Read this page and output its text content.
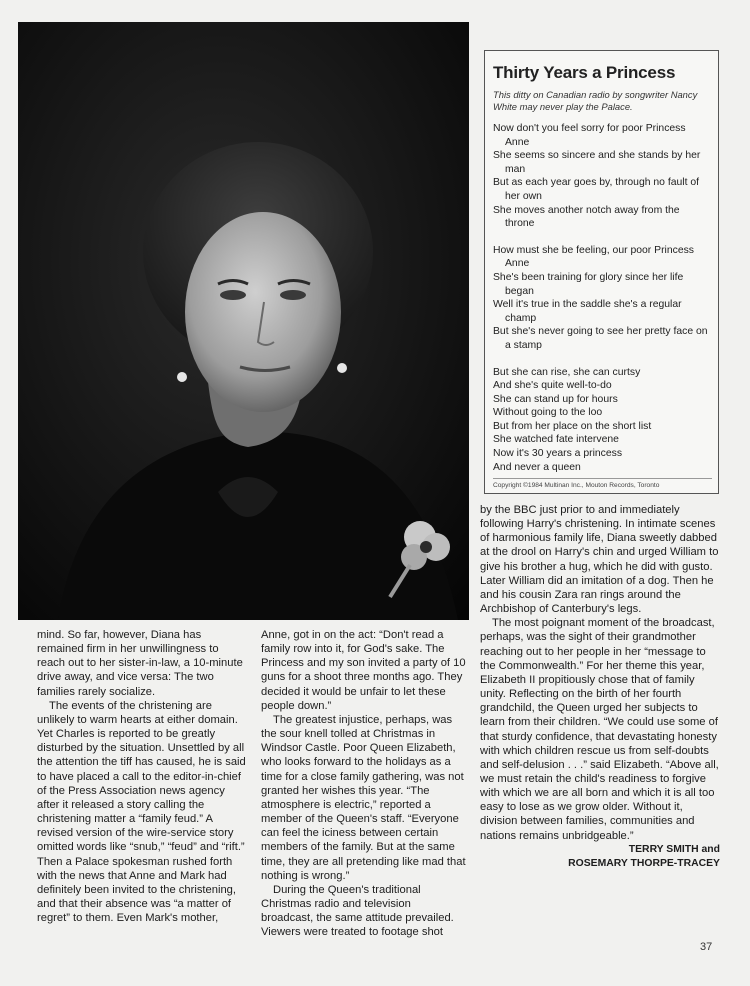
Thirty Years a Princess
This ditty on Canadian radio by songwriter Nancy White may never play the Palace.
Now don't you feel sorry for poor Princess Anne
She seems so sincere and she stands by her man
But as each year goes by, through no fault of her own
She moves another notch away from the throne
How must she be feeling, our poor Princess Anne
She's been training for glory since her life began
Well it's true in the saddle she's a regular champ
But she's never going to see her pretty face on a stamp
But she can rise, she can curtsy
And she's quite well-to-do
She can stand up for hours
Without going to the loo
But from her place on the short list
She watched fate intervene
Now it's 30 years a princess
And never a queen
Copyright ©1984 Multinan Inc., Mouton Records, Toronto

mind. So far, however, Diana has remained firm in her unwillingness to reach out to her sister-in-law, a 10-minute drive away, and vice versa: The two families rarely socialize.

The events of the christening are unlikely to warm hearts at either domain. Yet Charles is reported to be greatly disturbed by the situation. Unsettled by all the attention the tiff has caused, he is said to have placed a call to the editor-in-chief of the Press Association news agency after it released a story calling the christening matter a “family feud.” A revised version of the wire-service story omitted words like “snub,” “feud” and “rift.” Then a Palace spokesman rushed forth with the news that Anne and Mark had definitely been invited to the christening, and that their absence was “a matter of regret” to them. Even Mark's mother,

Anne, got in on the act: “Don't read a family row into it, for God's sake. The Princess and my son invited a party of 10 guns for a shoot three months ago. They decided it would be unfair to let these people down.”

The greatest injustice, perhaps, was the sour knell tolled at Christmas in Windsor Castle. Poor Queen Elizabeth, who looks forward to the holidays as a time for a close family gathering, was not granted her wishes this year. “The atmosphere is electric,” reported a member of the Queen's staff. “Everyone can feel the iciness between certain members of the family. But at the same time, they are all pretending like mad that nothing is wrong.”

During the Queen's traditional Christmas radio and television broadcast, the same attitude prevailed. Viewers were treated to footage shot

by the BBC just prior to and immediately following Harry's christening. In intimate scenes of harmonious family life, Diana sweetly dabbed at the drool on Harry's chin and urged William to give his brother a hug, which he did with gusto. Later William did an imitation of a dog. Then he and his cousin Zara ran rings around the Archbishop of Canterbury's legs.

The most poignant moment of the broadcast, perhaps, was the sight of their grandmother reaching out to her people in her “message to the Commonwealth.” For her theme this year, Elizabeth II propitiously chose that of family unity. Reflecting on the birth of her fourth grandchild, the Queen urged her subjects to learn from their children. “We could use some of that sturdy confidence, that devastating honesty with which children rescue us from self-doubts and self-delusion . . .” said Elizabeth. “Above all, we must retain the child's readiness to forgive with which we are all born and which it is all too easy to lose as we grow older. Without it, division between families, communities and nations remains unbridgeable.”

TERRY SMITH and
ROSEMARY THORPE-TRACEY
37
